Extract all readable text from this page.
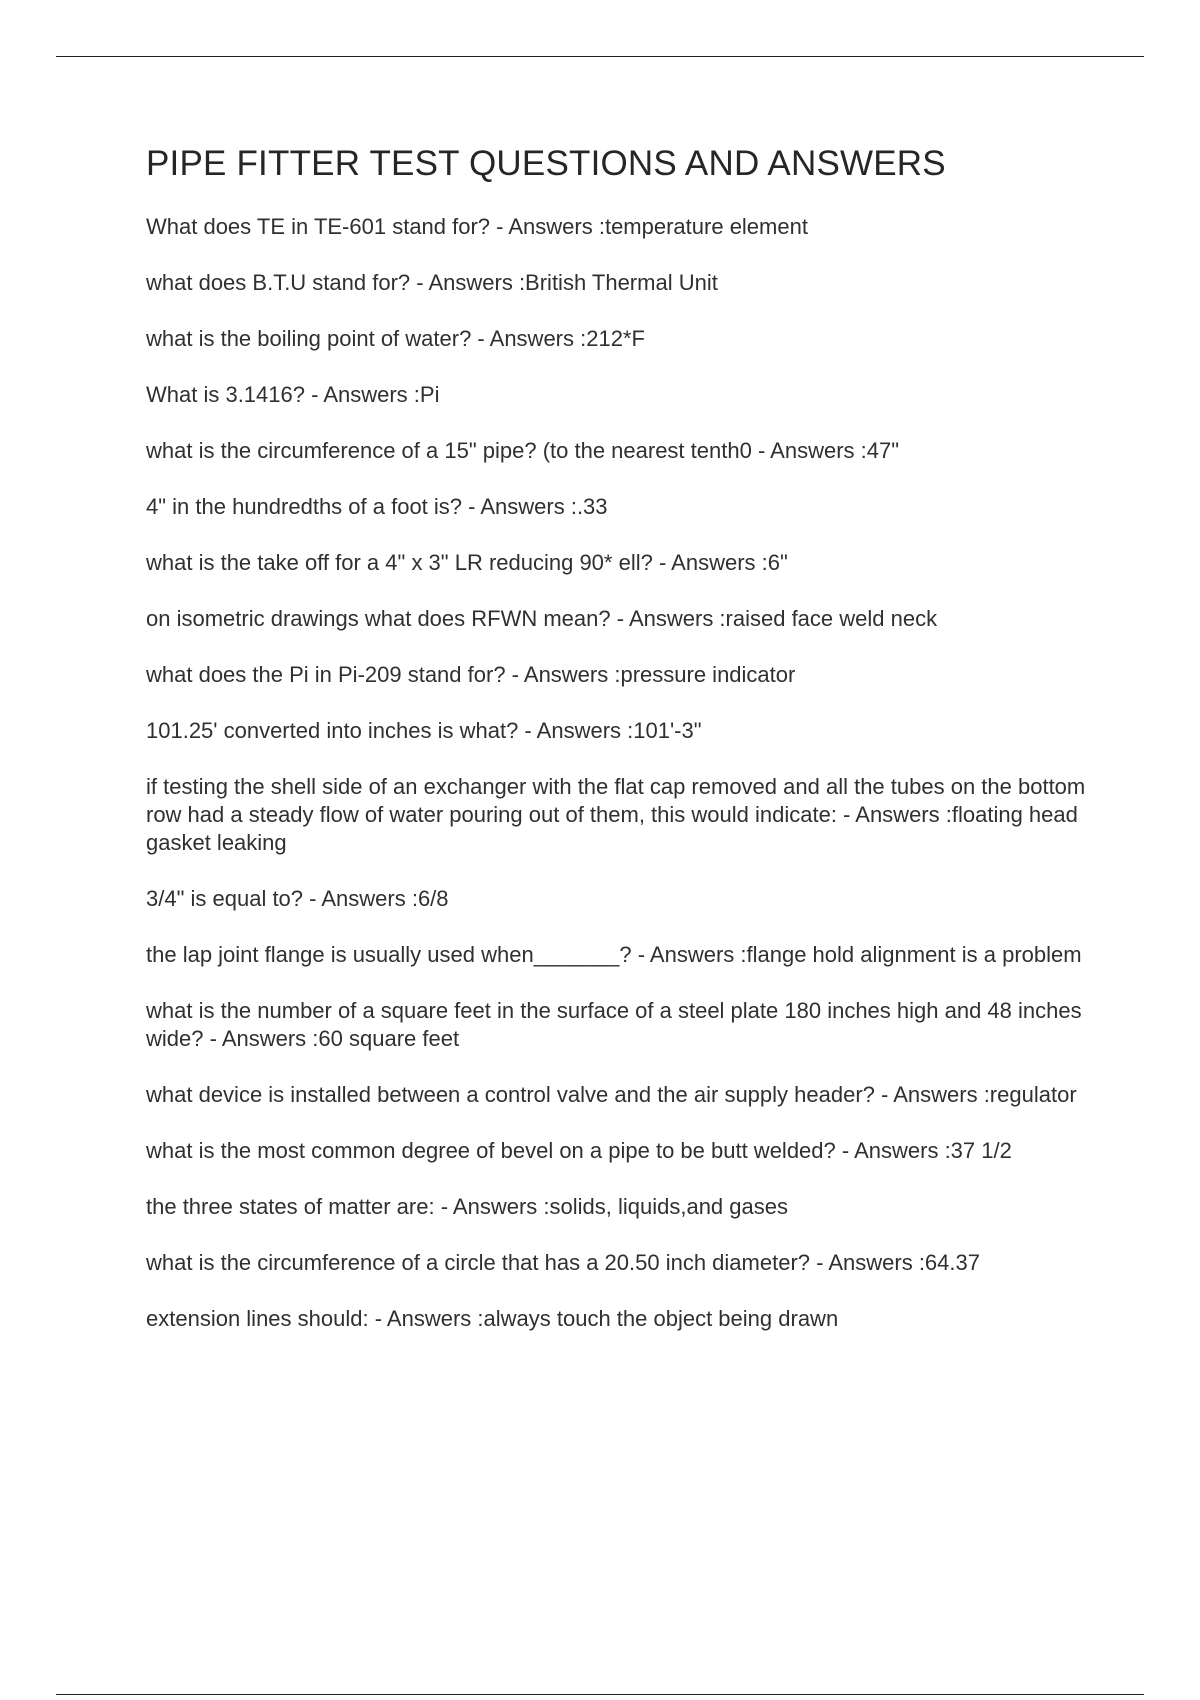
PIPE FITTER TEST QUESTIONS AND ANSWERS
What does TE in TE-601 stand for? - Answers :temperature element
what does B.T.U stand for? - Answers :British Thermal Unit
what is the boiling point of water? - Answers :212*F
What is 3.1416? - Answers :Pi
what is the circumference of a 15" pipe? (to the nearest tenth0 - Answers :47"
4" in the hundredths of a foot is? - Answers :.33
what is the take off for a 4" x 3" LR reducing 90* ell? - Answers :6"
on isometric drawings what does RFWN mean? - Answers :raised face weld neck
what does the Pi in Pi-209 stand for? - Answers :pressure indicator
101.25' converted into inches is what? - Answers :101'-3"
if testing the shell side of an exchanger with the flat cap removed and all the tubes on the bottom row had a steady flow of water pouring out of them, this would indicate: - Answers :floating head gasket leaking
3/4" is equal to? - Answers :6/8
the lap joint flange is usually used when_______? - Answers :flange hold alignment is a problem
what is the number of a square feet in the surface of a steel plate 180 inches high and 48 inches wide? - Answers :60 square feet
what device is installed between a control valve and the air supply header? - Answers :regulator
what is the most common degree of bevel on a pipe to be butt welded? - Answers :37 1/2
the three states of matter are: - Answers :solids, liquids,and gases
what is the circumference of a circle that has a 20.50 inch diameter? - Answers :64.37
extension lines should: - Answers :always touch the object being drawn
